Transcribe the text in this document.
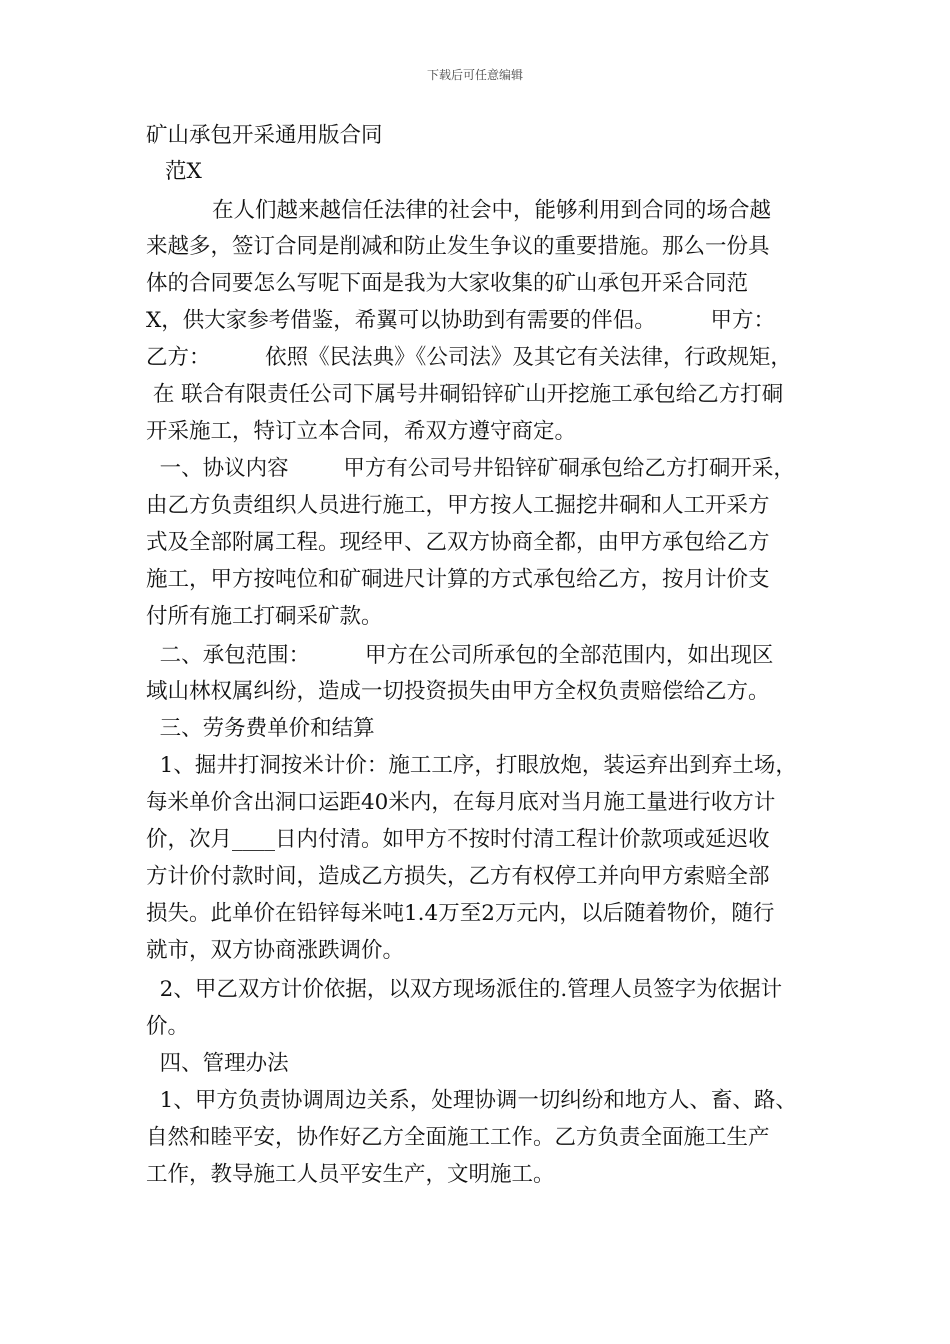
下载后可任意编辑
矿山承包开采通用版合同
范X
在人们越来越信任法律的社会中，能够利用到合同的场合越
来越多，签订合同是削减和防止发生争议的重要措施。那么一份具
体的合同要怎么写呢下面是我为大家收集的矿山承包开采合同范
X，供大家参考借鉴，希翼可以协助到有需要的伴侣。        甲方：
乙方：        依照《民法典》《公司法》及其它有关法律，行政规矩，
在 联合有限责任公司下属号井硐铅锌矿山开挖施工承包给乙方打硐
开采施工，特订立本合同，希双方遵守商定。
一、协议内容        甲方有公司号井铅锌矿硐承包给乙方打硐开采，
由乙方负责组织人员进行施工，甲方按人工掘挖井硐和人工开采方
式及全部附属工程。现经甲、乙双方协商全都，由甲方承包给乙方
施工，甲方按吨位和矿硐进尺计算的方式承包给乙方，按月计价支
付所有施工打硐采矿款。
二、承包范围：        甲方在公司所承包的全部范围内，如出现区
域山林权属纠纷，造成一切投资损失由甲方全权负责赔偿给乙方。
三、劳务费单价和结算
1、掘井打洞按米计价：施工工序，打眼放炮，装运弃出到弃土场，
每米单价含出洞口运距40米内，在每月底对当月施工量进行收方计
价，次月____日内付清。如甲方不按时付清工程计价款项或延迟收
方计价付款时间，造成乙方损失，乙方有权停工并向甲方索赔全部
损失。此单价在铅锌每米吨1.4万至2万元内，以后随着物价，随行
就市，双方协商涨跌调价。
2、甲乙双方计价依据，以双方现场派住的.管理人员签字为依据计
价。
四、管理办法
1、甲方负责协调周边关系，处理协调一切纠纷和地方人、畜、路、
自然和睦平安，协作好乙方全面施工工作。乙方负责全面施工生产
工作，教导施工人员平安生产，文明施工。
